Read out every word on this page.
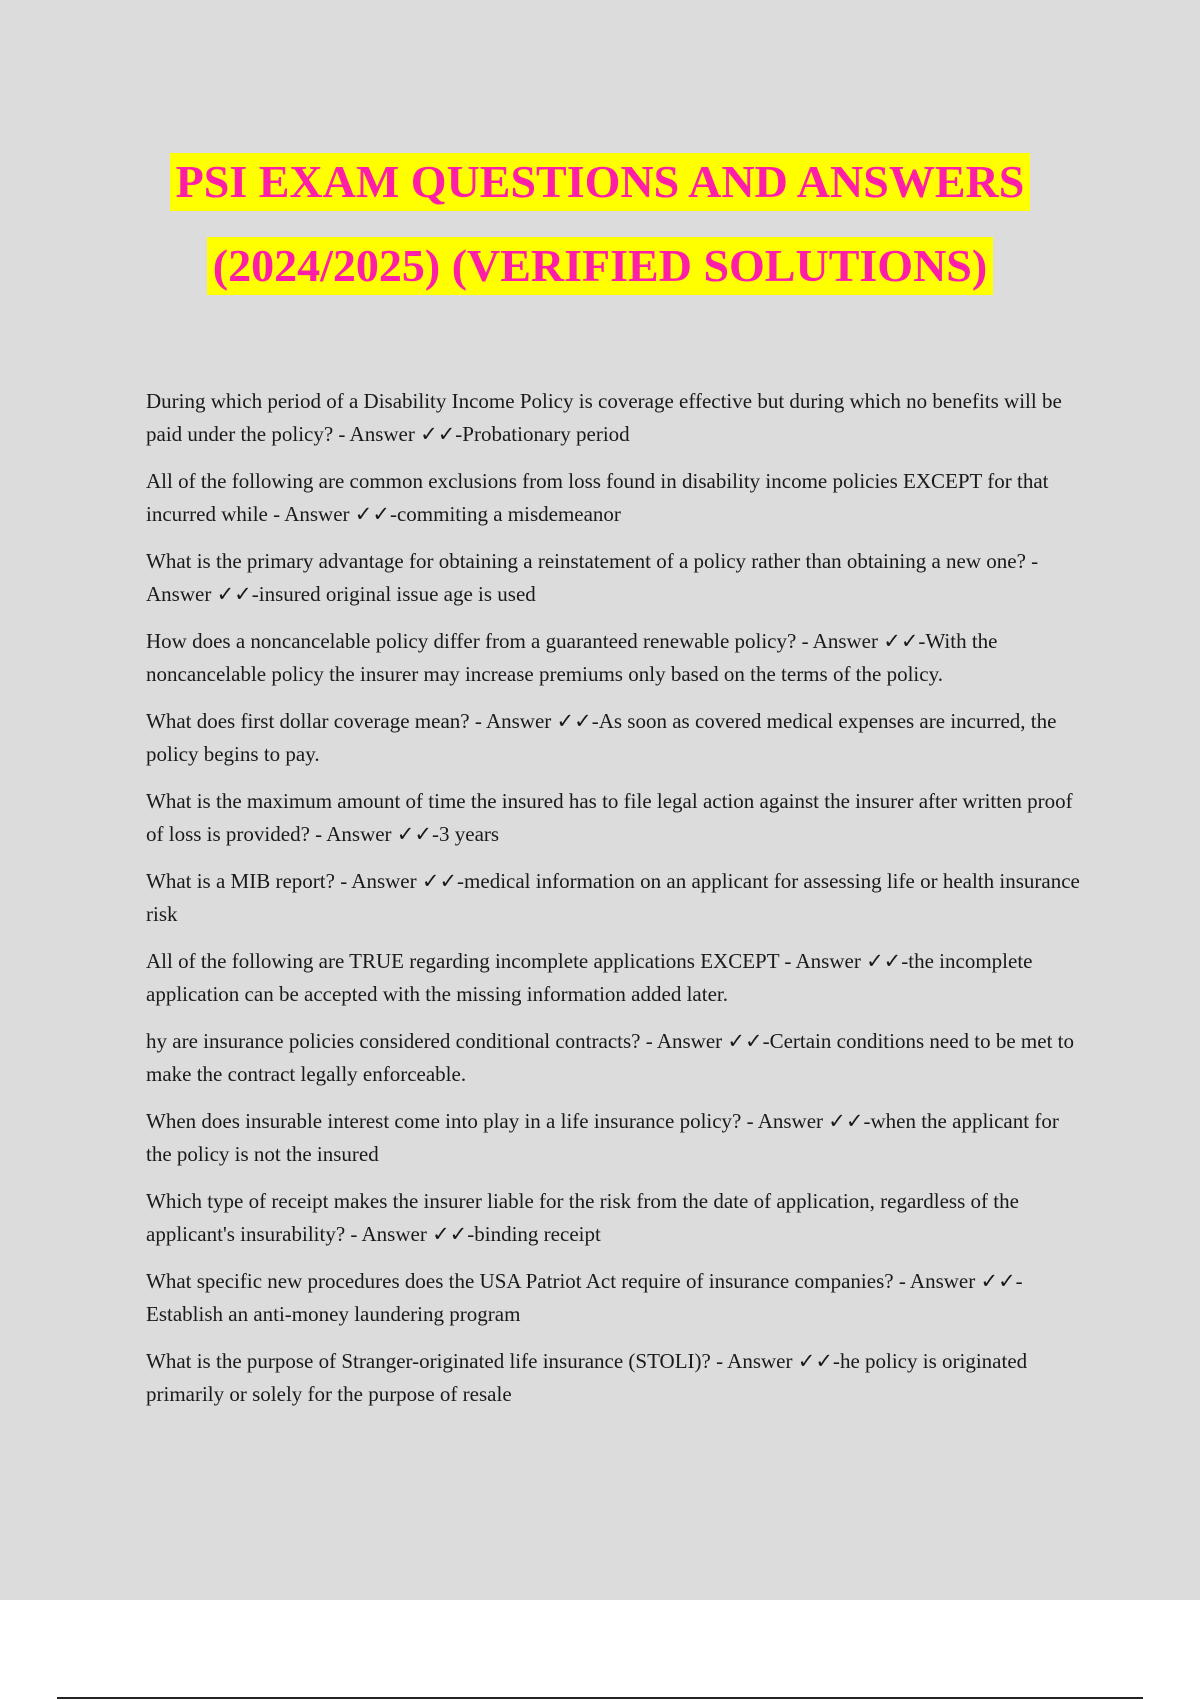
PSI EXAM QUESTIONS AND ANSWERS
(2024/2025) (VERIFIED SOLUTIONS)

During which period of a Disability Income Policy is coverage effective but during which no benefits will be paid under the policy? - Answer ✓✓-Probationary period

All of the following are common exclusions from loss found in disability income policies EXCEPT for that incurred while - Answer ✓✓-commiting a misdemeanor

What is the primary advantage for obtaining a reinstatement of a policy rather than obtaining a new one? - Answer ✓✓-insured original issue age is used

How does a noncancelable policy differ from a guaranteed renewable policy? - Answer ✓✓-With the noncancelable policy the insurer may increase premiums only based on the terms of the policy.

What does first dollar coverage mean? - Answer ✓✓-As soon as covered medical expenses are incurred, the policy begins to pay.

What is the maximum amount of time the insured has to file legal action against the insurer after written proof of loss is provided? - Answer ✓✓-3 years

What is a MIB report? - Answer ✓✓-medical information on an applicant for assessing life or health insurance risk

All of the following are TRUE regarding incomplete applications EXCEPT - Answer ✓✓-the incomplete application can be accepted with the missing information added later.

hy are insurance policies considered conditional contracts? - Answer ✓✓-Certain conditions need to be met to make the contract legally enforceable.

When does insurable interest come into play in a life insurance policy? - Answer ✓✓-when the applicant for the policy is not the insured

Which type of receipt makes the insurer liable for the risk from the date of application, regardless of the applicant's insurability? - Answer ✓✓-binding receipt

What specific new procedures does the USA Patriot Act require of insurance companies? - Answer ✓✓-Establish an anti-money laundering program

What is the purpose of Stranger-originated life insurance (STOLI)? - Answer ✓✓-he policy is originated primarily or solely for the purpose of resale
